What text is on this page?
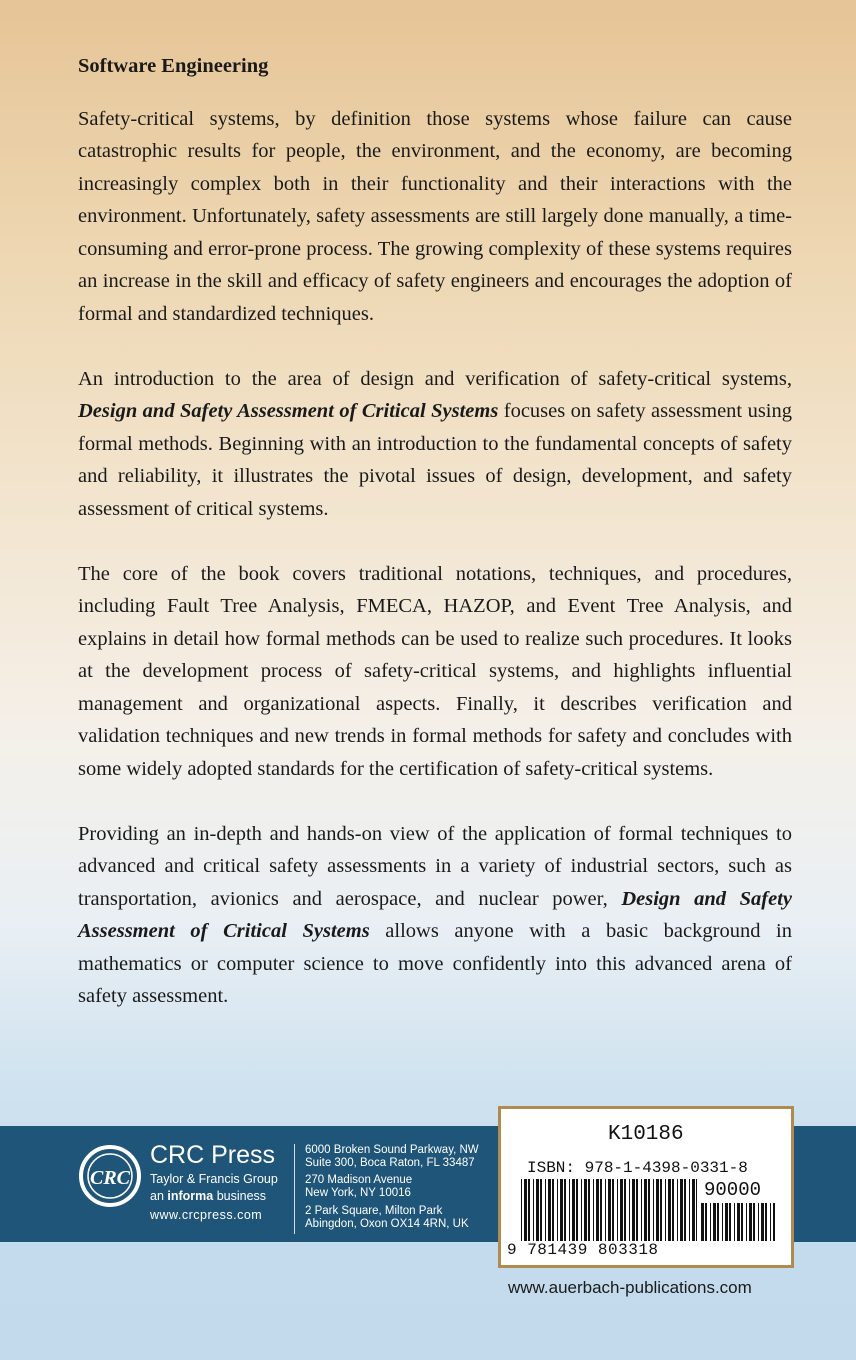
Software Engineering

Safety-critical systems, by definition those systems whose failure can cause catastrophic results for people, the environment, and the economy, are becoming increasingly complex both in their functionality and their interactions with the environment. Unfortunately, safety assessments are still largely done manually, a time-consuming and error-prone process. The growing complexity of these systems requires an increase in the skill and efficacy of safety engineers and encourages the adoption of formal and standardized techniques.

An introduction to the area of design and verification of safety-critical systems, Design and Safety Assessment of Critical Systems focuses on safety assessment using formal methods. Beginning with an introduction to the fundamental concepts of safety and reliability, it illustrates the pivotal issues of design, development, and safety assessment of critical systems.

The core of the book covers traditional notations, techniques, and procedures, including Fault Tree Analysis, FMECA, HAZOP, and Event Tree Analysis, and explains in detail how formal methods can be used to realize such procedures. It looks at the development process of safety-critical systems, and highlights influential management and organizational aspects. Finally, it describes verification and validation techniques and new trends in formal methods for safety and concludes with some widely adopted standards for the certification of safety-critical systems.

Providing an in-depth and hands-on view of the application of formal techniques to advanced and critical safety assessments in a variety of industrial sectors, such as transportation, avionics and aerospace, and nuclear power, Design and Safety Assessment of Critical Systems allows anyone with a basic background in mathematics or computer science to move confidently into this advanced arena of safety assessment.

CRC
CRC Press
Taylor & Francis Group
an informa business
www.crcpress.com
6000 Broken Sound Parkway, NW
Suite 300, Boca Raton, FL 33487
270 Madison Avenue
New York, NY 10016
2 Park Square, Milton Park
Abingdon, Oxon OX14 4RN, UK
K10186
ISBN: 978-1-4398-0331-8
90000
9 781439 803318
www.auerbach-publications.com
